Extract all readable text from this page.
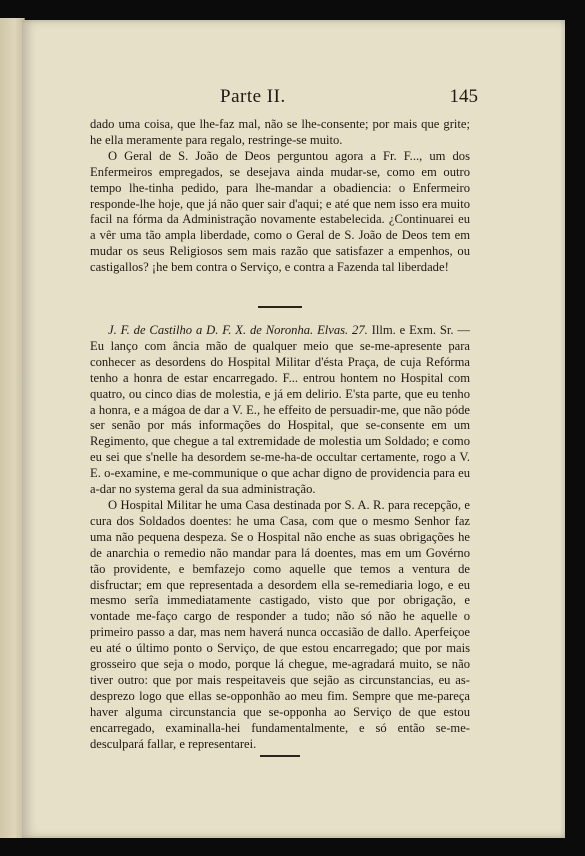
Parte II.	145

dado uma coisa, que lhe-faz mal, não se lhe-consente; por mais que grite; he ella meramente para regalo, restringe-se muito.

O Geral de S. João de Deos perguntou agora a Fr. F..., um dos Enfermeiros empregados, se desejava ainda mudar-se, como em outro tempo lhe-tinha pedido, para lhe-mandar a obadiencia: o Enfermeiro responde-lhe hoje, que já não quer sair d'aqui; e até que nem isso era muito facil na fórma da Administração novamente estabelecida. ¿Continuarei eu a vêr uma tão ampla liberdade, como o Geral de S. João de Deos tem em mudar os seus Religiosos sem mais razão que satisfazer a empenhos, ou castigallos? ¡he bem contra o Serviço, e contra a Fazenda tal liberdade!

J. F. de Castilho a D. F. X. de Noronha. Elvas. 27. Illm. e Exm. Sr. — Eu lanço com ância mão de qualquer meio que se-me-apresente para conhecer as desordens do Hospital Militar d'ésta Praça, de cuja Refórma tenho a honra de estar encarregado. F... entrou hontem no Hospital com quatro, ou cinco dias de molestia, e já em delirio. E'sta parte, que eu tenho a honra, e a mágoa de dar a V. E., he effeito de persuadir-me, que não póde ser senão por más informações do Hospital, que se-consente em um Regimento, que chegue a tal extremidade de molestia um Soldado; e como eu sei que s'nelle ha desordem se-me-ha-de occultar certamente, rogo a V. E. o-examine, e me-communique o que achar digno de providencia para eu a-dar no systema geral da sua administração.

O Hospital Militar he uma Casa destinada por S. A. R. para recepção, e cura dos Soldados doentes: he uma Casa, com que o mesmo Senhor faz uma não pequena despeza. Se o Hospital não enche as suas obrigações he de anarchia o remedio não mandar para lá doentes, mas em um Govérno tão providente, e bemfazejo como aquelle que temos a ventura de disfructar; em que representada a desordem ella se-remediaria logo, e eu mesmo serîa immediatamente castigado, visto que por obrigação, e vontade me-faço cargo de responder a tudo; não só não he aquelle o primeiro passo a dar, mas nem haverá nunca occasião de dallo. Aperfeiçoe eu até o último ponto o Serviço, de que estou encarregado; que por mais grosseiro que seja o modo, porque lá chegue, me-agradará muito, se não tiver outro: que por mais respeitaveis que sejão as circunstancias, eu as-desprezo logo que ellas se-opponhão ao meu fim. Sempre que me-pareça haver alguma circunstancia que se-opponha ao Serviço de que estou encarregado, examinalla-hei fundamentalmente, e só então se-me-desculpará fallar, e representarei.
